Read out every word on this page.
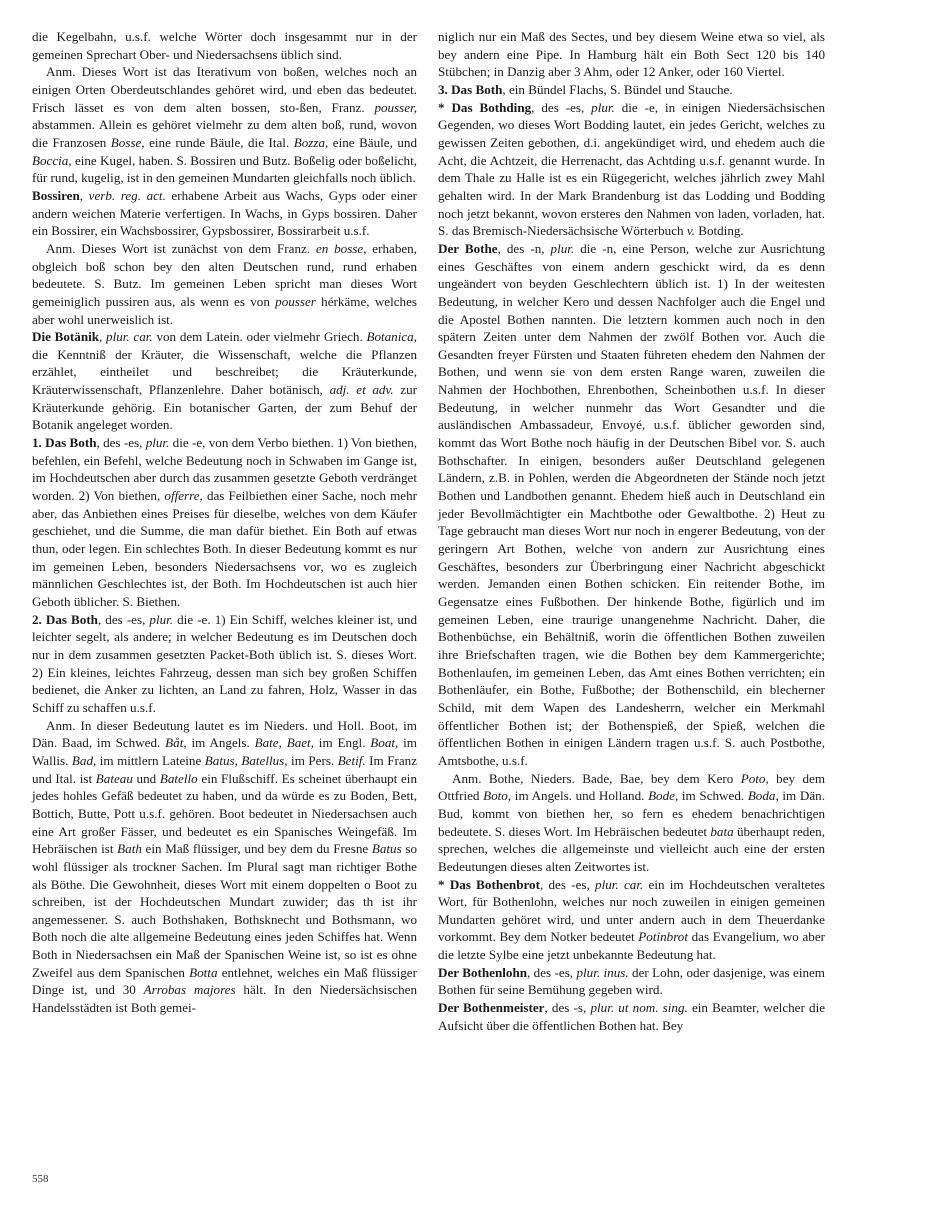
die Kegelbahn, u.s.f. welche Wörter doch insgesammt nur in der gemeinen Sprechart Ober- und Niedersachsens üblich sind.

Anm. Dieses Wort ist das Iterativum von boßen, welches noch an einigen Orten Oberdeutschlandes gehöret wird, und eben das bedeutet. Frisch lässet es von dem alten bossen, sto-ßen, Franz. pousser, abstammen. Allein es gehöret vielmehr zu dem alten boß, rund, wovon die Franzosen Bosse, eine runde Bäule, die Ital. Bozza, eine Bäule, und Boccia, eine Kugel, haben. S. Bossiren und Butz. Boßelig oder boßelicht, für rund, kugelig, ist in den gemeinen Mundarten gleichfalls noch üblich.

Bossiren, verb. reg. act. erhabene Arbeit aus Wachs, Gyps oder einer andern weichen Materie verfertigen. In Wachs, in Gyps bossiren. Daher ein Bossirer, ein Wachsbossirer, Gypsbossirer, Bossirarbeit u.s.f.

Anm. Dieses Wort ist zunächst von dem Franz. en bosse, erhaben, obgleich boß schon bey den alten Deutschen rund, rund erhaben bedeutete. S. Butz. Im gemeinen Leben spricht man dieses Wort gemeiniglich pussiren aus, als wenn es von pousser hérkäme, welches aber wohl unerweislich ist.

Die Botänik, plur. car. von dem Latein. oder vielmehr Griech. Botanica, die Kenntniß der Kräuter, die Wissenschaft, welche die Pflanzen erzählet, eintheilet und beschreibet; die Kräuterkunde, Kräuterwissenschaft, Pflanzenlehre. Daher botänisch, adj. et adv. zur Kräuterkunde gehörig. Ein botanischer Garten, der zum Behuf der Botanik angeleget worden.

1. Das Both, des -es, plur. die -e, von dem Verbo biethen. 1) Von biethen, befehlen, ein Befehl, welche Bedeutung noch in Schwaben im Gange ist, im Hochdeutschen aber durch das zusammen gesetzte Geboth verdränget worden. 2) Von biethen, offerre, das Feilbiethen einer Sache, noch mehr aber, das Anbiethen eines Preises für dieselbe, welches von dem Käufer geschiehet, und die Summe, die man dafür biethet. Ein Both auf etwas thun, oder legen. Ein schlechtes Both. In dieser Bedeutung kommt es nur im gemeinen Leben, besonders Niedersachsens vor, wo es zugleich männlichen Geschlechtes ist, der Both. Im Hochdeutschen ist auch hier Geboth üblicher. S. Biethen.

2. Das Both, des -es, plur. die -e. 1) Ein Schiff, welches kleiner ist, und leichter segelt, als andere; in welcher Bedeutung es im Deutschen doch nur in dem zusammen gesetzten Packet-Both üblich ist. S. dieses Wort. 2) Ein kleines, leichtes Fahrzeug, dessen man sich bey großen Schiffen bedienet, die Anker zu lichten, an Land zu fahren, Holz, Wasser in das Schiff zu schaffen u.s.f.

Anm. In dieser Bedeutung lautet es im Nieders. und Holl. Boot, im Dän. Baad, im Schwed. Båt, im Angels. Bate, Baet, im Engl. Boat, im Wallis. Bad, im mittlern Lateine Batus, Batellus, im Pers. Betif. Im Franz und Ital. ist Bateau und Batello ein Flußschiff. Es scheinet überhaupt ein jedes hohles Gefäß bedeutet zu haben, und da würde es zu Boden, Bett, Bottich, Butte, Pott u.s.f. gehören. Boot bedeutet in Niedersachsen auch eine Art großer Fässer, und bedeutet es ein Spanisches Weingefäß. Im Hebräischen ist Bath ein Maß flüssiger, und bey dem du Fresne Batus so wohl flüssiger als trockner Sachen. Im Plural sagt man richtiger Bothe als Böthe. Die Gewohnheit, dieses Wort mit einem doppelten o Boot zu schreiben, ist der Hochdeutschen Mundart zuwider; das th ist ihr angemessener. S. auch Bothshaken, Bothsknecht und Bothsmann, wo Both noch die alte allgemeine Bedeutung eines jeden Schiffes hat. Wenn Both in Niedersachsen ein Maß der Spanischen Weine ist, so ist es ohne Zweifel aus dem Spanischen Botta entlehnet, welches ein Maß flüssiger Dinge ist, und 30 Arrobas majores hält. In den Niedersächsischen Handelsstädten ist Both gemei-

niglich nur ein Maß des Sectes, und bey diesem Weine etwa so viel, als bey andern eine Pipe. In Hamburg hält ein Both Sect 120 bis 140 Stübchen; in Danzig aber 3 Ahm, oder 12 Anker, oder 160 Viertel.

3. Das Both, ein Bündel Flachs, S. Bündel und Stauche.

* Das Bothding, des -es, plur. die -e, in einigen Niedersächsischen Gegenden, wo dieses Wort Bodding lautet, ein jedes Gericht, welches zu gewissen Zeiten gebothen, d.i. angekündiget wird, und ehedem auch die Acht, die Achtzeit, die Herrenacht, das Achtding u.s.f. genannt wurde. In dem Thale zu Halle ist es ein Rügegericht, welches jährlich zwey Mahl gehalten wird. In der Mark Brandenburg ist das Lodding und Bodding noch jetzt bekannt, wovon ersteres den Nahmen von laden, vorladen, hat. S. das Bremisch-Niedersächsische Wörterbuch v. Botding.

Der Bothe, des -n, plur. die -n, eine Person, welche zur Ausrichtung eines Geschäftes von einem andern geschickt wird, da es denn ungeändert von beyden Geschlechtern üblich ist. 1) In der weitesten Bedeutung, in welcher Kero und dessen Nachfolger auch die Engel und die Apostel Bothen nannten. Die letztern kommen auch noch in den spätern Zeiten unter dem Nahmen der zwölf Bothen vor. Auch die Gesandten freyer Fürsten und Staaten führeten ehedem den Nahmen der Bothen, und wenn sie von dem ersten Range waren, zuweilen die Nahmen der Hochbothen, Ehrenbothen, Scheinbothen u.s.f. In dieser Bedeutung, in welcher nunmehr das Wort Gesandter und die ausländischen Ambassadeur, Envoyé, u.s.f. üblicher geworden sind, kommt das Wort Bothe noch häufig in der Deutschen Bibel vor. S. auch Bothschafter. In einigen, besonders außer Deutschland gelegenen Ländern, z.B. in Pohlen, werden die Abgeordneten der Stände noch jetzt Bothen und Landbothen genannt. Ehedem hieß auch in Deutschland ein jeder Bevollmächtigter ein Machtbothe oder Gewaltbothe. 2) Heut zu Tage gebraucht man dieses Wort nur noch in engerer Bedeutung, von der geringern Art Bothen, welche von andern zur Ausrichtung eines Geschäftes, besonders zur Überbringung einer Nachricht abgeschickt werden. Jemanden einen Bothen schicken. Ein reitender Bothe, im Gegensatze eines Fußbothen. Der hinkende Bothe, figürlich und im gemeinen Leben, eine traurige unangenehme Nachricht. Daher, die Bothenbüchse, ein Behältniß, worin die öffentlichen Bothen zuweilen ihre Briefschaften tragen, wie die Bothen bey dem Kammergerichte; Bothenlaufen, im gemeinen Leben, das Amt eines Bothen verrichten; ein Bothenläufer, ein Bothe, Fußbothe; der Bothenschild, ein blecherner Schild, mit dem Wapen des Landesherrn, welcher ein Merkmahl öffentlicher Bothen ist; der Bothenspieß, der Spieß, welchen die öffentlichen Bothen in einigen Ländern tragen u.s.f. S. auch Postbothe, Amtsbothe, u.s.f.

Anm. Bothe, Nieders. Bade, Bae, bey dem Kero Poto, bey dem Ottfried Boto, im Angels. und Holland. Bode, im Schwed. Boda, im Dän. Bud, kommt von biethen her, so fern es ehedem benachrichtigen bedeutete. S. dieses Wort. Im Hebräischen bedeutet bata überhaupt reden, sprechen, welches die allgemeinste und vielleicht auch eine der ersten Bedeutungen dieses alten Zeitwortes ist.

* Das Bothenbrot, des -es, plur. car. ein im Hochdeutschen veraltetes Wort, für Bothenlohn, welches nur noch zuweilen in einigen gemeinen Mundarten gehöret wird, und unter andern auch in dem Theuerdanke vorkommt. Bey dem Notker bedeutet Potinbrot das Evangelium, wo aber die letzte Sylbe eine jetzt unbekannte Bedeutung hat.

Der Bothenlohn, des -es, plur. inus. der Lohn, oder dasjenige, was einem Bothen für seine Bemühung gegeben wird.

Der Bothenmeister, des -s, plur. ut nom. sing. ein Beamter, welcher die Aufsicht über die öffentlichen Bothen hat. Bey

558
